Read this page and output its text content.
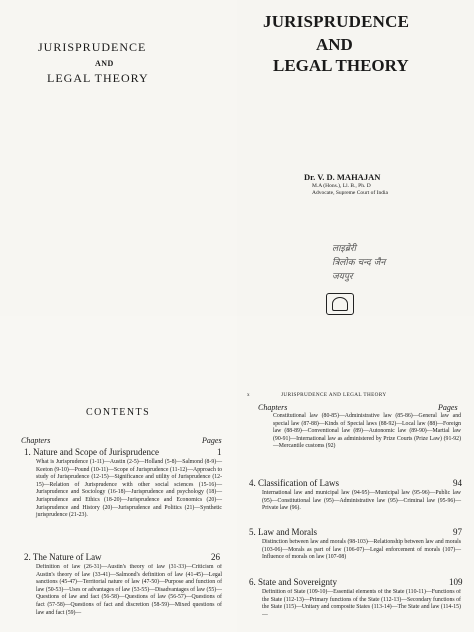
JURISPRUDENCE
AND
LEGAL THEORY
JURISPRUDENCE
AND
LEGAL THEORY
Dr. V. D. MAHAJAN
M.A (Hons.), Ll. B., Ph. D
Advocate, Supreme Court of India
लाइब्रेरी
त्रिलोक चन्द जैन
जयपुर
CONTENTS
Chapters	Pages
1. Nature and Scope of Jurisprudence	1
What is Jurisprudence (1-11)—Austin (2-5)—Holland (5-8)—Salmond (8-9)—Keeton (9-10)—Pound (10-11)—Scope of Jurisprudence (11-12)—Approach to study of Jurisprudence (12-15)—Significance and utility of Jurisprudence (12-15)—Relation of Jurisprudence with other social sciences (15-16)—Jurisprudence and Sociology (16-18)—Jurisprudence and psychology (18)—Jurisprudence and Ethics (18-20)—Jurisprudence and Economics (20)—Jurisprudence and History (20)—Jurisprudence and Politics (21)—Synthetic jurisprudence (21-23).
2. The Nature of Law	26
Definition of law (26-31)—Austin's theory of law (31-33)—Criticism of Austin's theory of law (33-41)—Salmond's definition of law (41-45)—Legal sanctions (45-47)—Territorial nature of law (47-50)—Purpose and function of law (50-53)—Uses or advantages of law (53-55)—Disadvantages of law (55)—Questions of law and fact (56-58)—Questions of law (56-57)—Questions of fact (57-58)—Questions of fact and discretion (58-59)—Mixed questions of law and fact (59)—
x	JURISPRUDENCE AND LEGAL THEORY
Chapters	Pages
Constitutional law (80-85)—Administrative law (85-86)—General law and special law (87-88)—Kinds of Special laws (88-92)—Local law (88)—Foreign law (88-89)—Conventional law (89)—Autonomic law (89-90)—Martial law (90-91)—International law as administered by Prize Courts (Prize Law) (91-92)—Mercantile customs (92)
4. Classification of Laws	94
International law and municipal law (94-95)—Municipal law (95-96)—Public law (95)—Constitutional law (95)—Administrative law (95)—Criminal law (95-96)—Private law (96).
5. Law and Morals	97
Distinction between law and morals (98-103)—Relationship between law and morals (103-06)—Morals as part of law (106-07)—Legal enforcement of morals (107)—Influence of morals on law (107-08)
6. State and Sovereignty	109
Definition of State (109-10)—Essential elements of the State (110-11)—Functions of the State (112-13)—Primary functions of the State (112-13)—Secondary functions of the State (115)—Unitary and composite States (113-14)—The State and law (114-15)—
